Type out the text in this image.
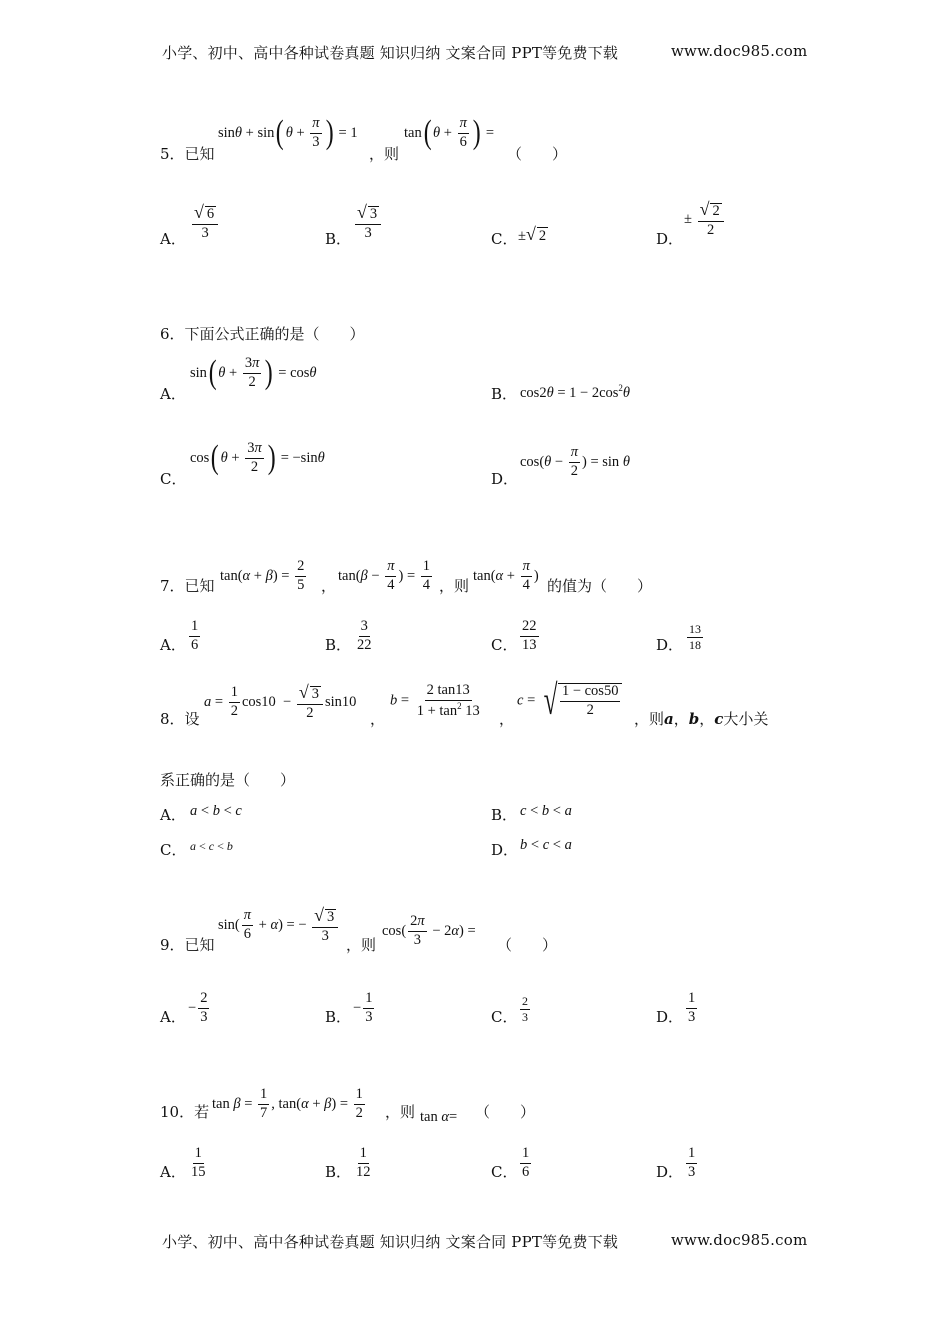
小学、初中、高中各种试卷真题 知识归纳 文案合同 PPT等免费下载	www.doc985.com
5．已知
sinθ + sin( $\theta + \frac{\pi}{3}$ ) = 1
，则
tan( $\theta + \frac{\pi}{6}$ ) =
（　　）
A． $\frac{√ 6}{3}$	B． $\frac{√ 3}{3}$	C． ±√ 2	D．
± $\frac{√ 2}{2}$
6．下面公式正确的是（　　）
A．
sin( $\theta + \frac{3\pi}{2}$ ) = cosθ
B． $\cos 2\theta = 1 - 2\cos^2\theta$
C．
cos( $\theta + \frac{3\pi}{2}$ ) = −sinθ
D．
$\cos(\theta - \frac{\pi}{2}$ ) = sin θ
7．已知
$\tan(\alpha + \beta) = \frac{2}{5}$ ，
$\tan(\beta - \frac{\pi}{4}$ ) = $\frac{1}{4}$ ，则
$\tan(\alpha + \frac{\pi}{4}$ )
的值为（　　）
A． $\frac{1}{6}$	B． $\frac{3}{22}$	C． $\frac{22}{13}$	D． $\frac{13}{18}$
8．设
$a = \frac{1}{2} \cos 10 - \frac{√ 3}{2} \sin 10$
，
$b = \frac{2 \tan 13}{1 + \tan^2 13}$ ，
c = √ $\frac{1 - \cos 50}{2}$
，则a，b，c大小关
系正确的是（　　）
A． a < b < c	B． c < b < a
C． a < c < b	D． b < c < a
9．已知
$\sin( \frac{\pi}{6} + \alpha)$ = − $\frac{√ 3}{3}$
，则
$\cos( \frac{2\pi}{3} - 2\alpha)$ =
（　　）
A．
− $\frac{2}{3}$	B．
− $\frac{1}{3}$	C． $\frac{2}{3}$	D． $\frac{1}{3}$
10．若 $\tan \beta = \frac{1}{7}$ , $\tan(\alpha + \beta) = \frac{1}{2}$ ，则 tan α= （　　）
A． $\frac{1}{15}$	B． $\frac{1}{12}$	C． $\frac{1}{6}$	D． $\frac{1}{3}$
小学、初中、高中各种试卷真题 知识归纳 文案合同 PPT等免费下载	www.doc985.com
